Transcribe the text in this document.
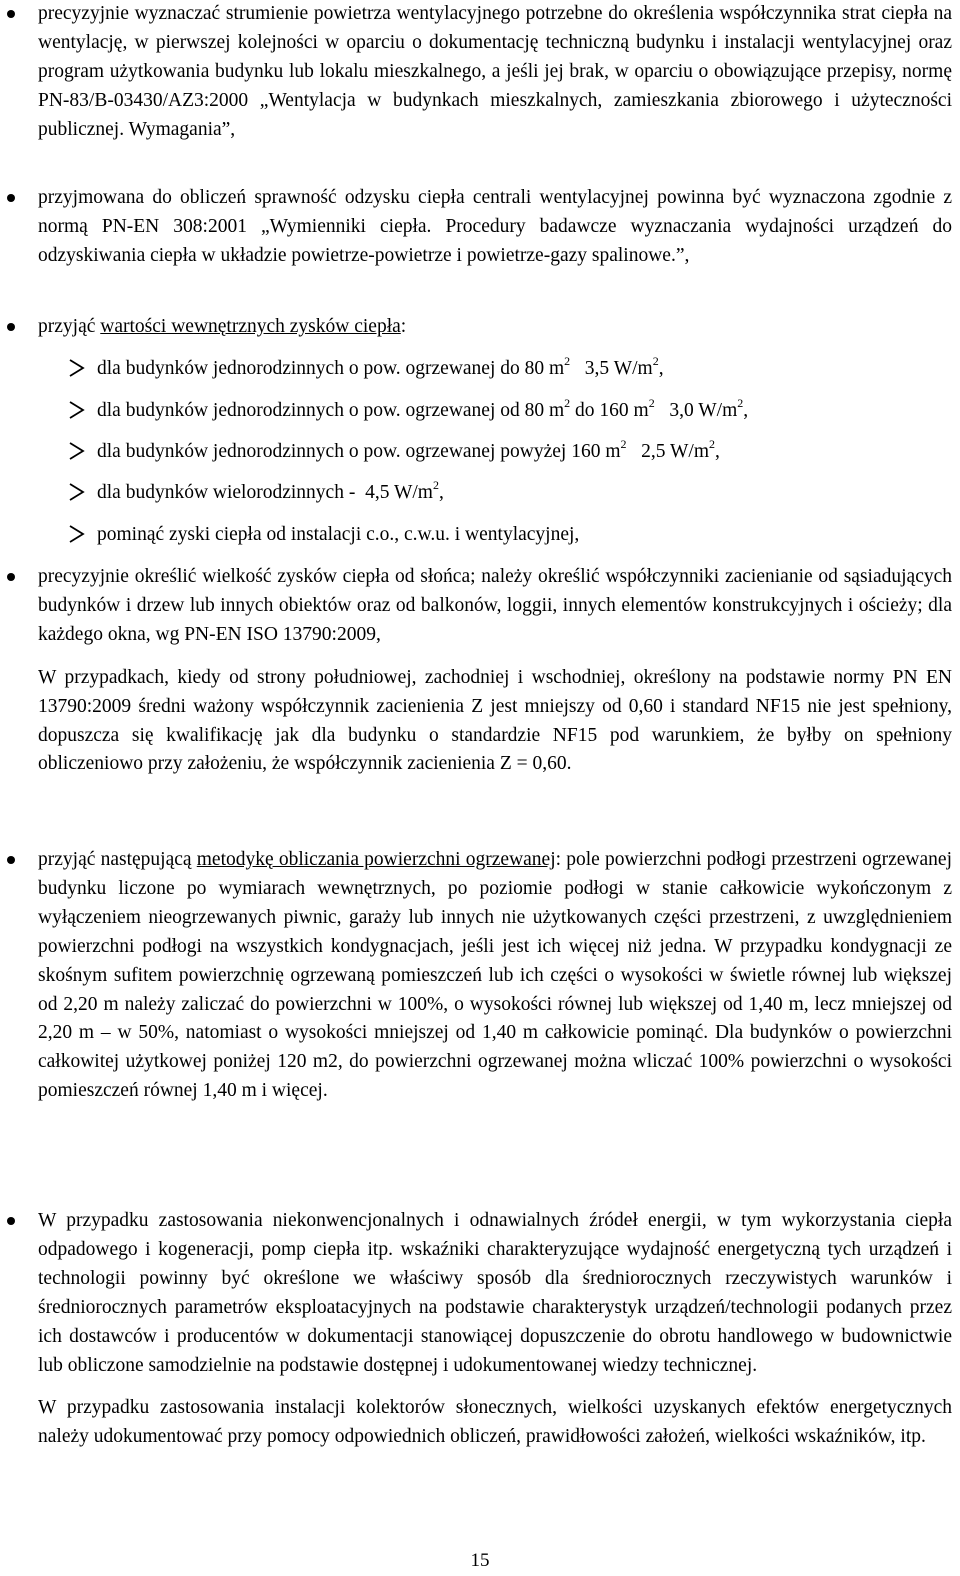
precyzyjnie wyznaczać strumienie powietrza wentylacyjnego potrzebne do określenia współczynnika strat ciepła na wentylację, w pierwszej kolejności w oparciu o dokumentację techniczną budynku i instalacji wentylacyjnej oraz program użytkowania budynku lub lokalu mieszkalnego, a jeśli jej brak, w oparciu o obowiązujące przepisy, normę PN-83/B-03430/AZ3:2000 „Wentylacja w budynkach mieszkalnych, zamieszkania zbiorowego i użyteczności publicznej. Wymagania”,

przyjmowana do obliczeń sprawność odzysku ciepła centrali wentylacyjnej powinna być wyznaczona zgodnie z normą PN-EN 308:2001 „Wymienniki ciepła. Procedury badawcze wyznaczania wydajności urządzeń do odzyskiwania ciepła w układzie powietrze-powietrze i powietrze-gazy spalinowe.”,

przyjąć wartości wewnętrznych zysków ciepła:

dla budynków jednorodzinnych o pow. ogrzewanej do 80 $m^2$   3,5 $W/m^2$,
dla budynków jednorodzinnych o pow. ogrzewanej od 80 $m^2$ do 160 $m^2$   3,0 $W/m^2$,
dla budynków jednorodzinnych o pow. ogrzewanej powyżej 160 $m^2$   2,5 $W/m^2$,
dla budynków wielorodzinnych -  4,5 $W/m^2$,
pominąć zyski ciepła od instalacji c.o., c.w.u. i wentylacyjnej,

precyzyjnie określić wielkość zysków ciepła od słońca; należy określić współczynniki zacienianie od sąsiadujących budynków i drzew lub innych obiektów oraz od balkonów, loggii, innych elementów konstrukcyjnych i ościeży; dla każdego okna, wg PN-EN ISO 13790:2009,

W przypadkach, kiedy od strony południowej, zachodniej i wschodniej, określony na podstawie normy PN EN 13790:2009 średni ważony współczynnik zacienienia Z jest mniejszy od 0,60 i standard NF15 nie jest spełniony, dopuszcza się kwalifikację jak dla budynku o standardzie NF15 pod warunkiem, że byłby on spełniony obliczeniowo przy założeniu, że współczynnik zacienienia Z = 0,60.

przyjąć następującą metodykę obliczania powierzchni ogrzewanej: pole powierzchni podłogi przestrzeni ogrzewanej budynku liczone po wymiarach wewnętrznych, po poziomie podłogi w stanie całkowicie wykończonym z wyłączeniem nieogrzewanych piwnic, garaży lub innych nie użytkowanych części przestrzeni, z uwzględnieniem powierzchni podłogi na wszystkich kondygnacjach, jeśli jest ich więcej niż jedna. W przypadku kondygnacji ze skośnym sufitem powierzchnię ogrzewaną pomieszczeń lub ich części o wysokości w świetle równej lub większej od 2,20 m należy zaliczać do powierzchni w 100%, o wysokości równej lub większej od 1,40 m, lecz mniejszej od 2,20 m – w 50%, natomiast o wysokości mniejszej od 1,40 m całkowicie pominąć. Dla budynków o powierzchni całkowitej użytkowej poniżej 120 m2, do powierzchni ogrzewanej można wliczać 100% powierzchni o wysokości pomieszczeń równej 1,40 m i więcej.

W przypadku zastosowania niekonwencjonalnych i odnawialnych źródeł energii, w tym wykorzystania ciepła odpadowego i kogeneracji, pomp ciepła itp. wskaźniki charakteryzujące wydajność energetyczną tych urządzeń i technologii powinny być określone we właściwy sposób dla średniorocznych rzeczywistych warunków i średniorocznych parametrów eksploatacyjnych na podstawie charakterystyk urządzeń/technologii podanych przez ich dostawców i producentów w dokumentacji stanowiącej dopuszczenie do obrotu handlowego w budownictwie lub obliczone samodzielnie na podstawie dostępnej i udokumentowanej wiedzy technicznej.

W przypadku zastosowania instalacji kolektorów słonecznych, wielkości uzyskanych efektów energetycznych należy udokumentować przy pomocy odpowiednich obliczeń, prawidłowości założeń, wielkości wskaźników, itp.

15
